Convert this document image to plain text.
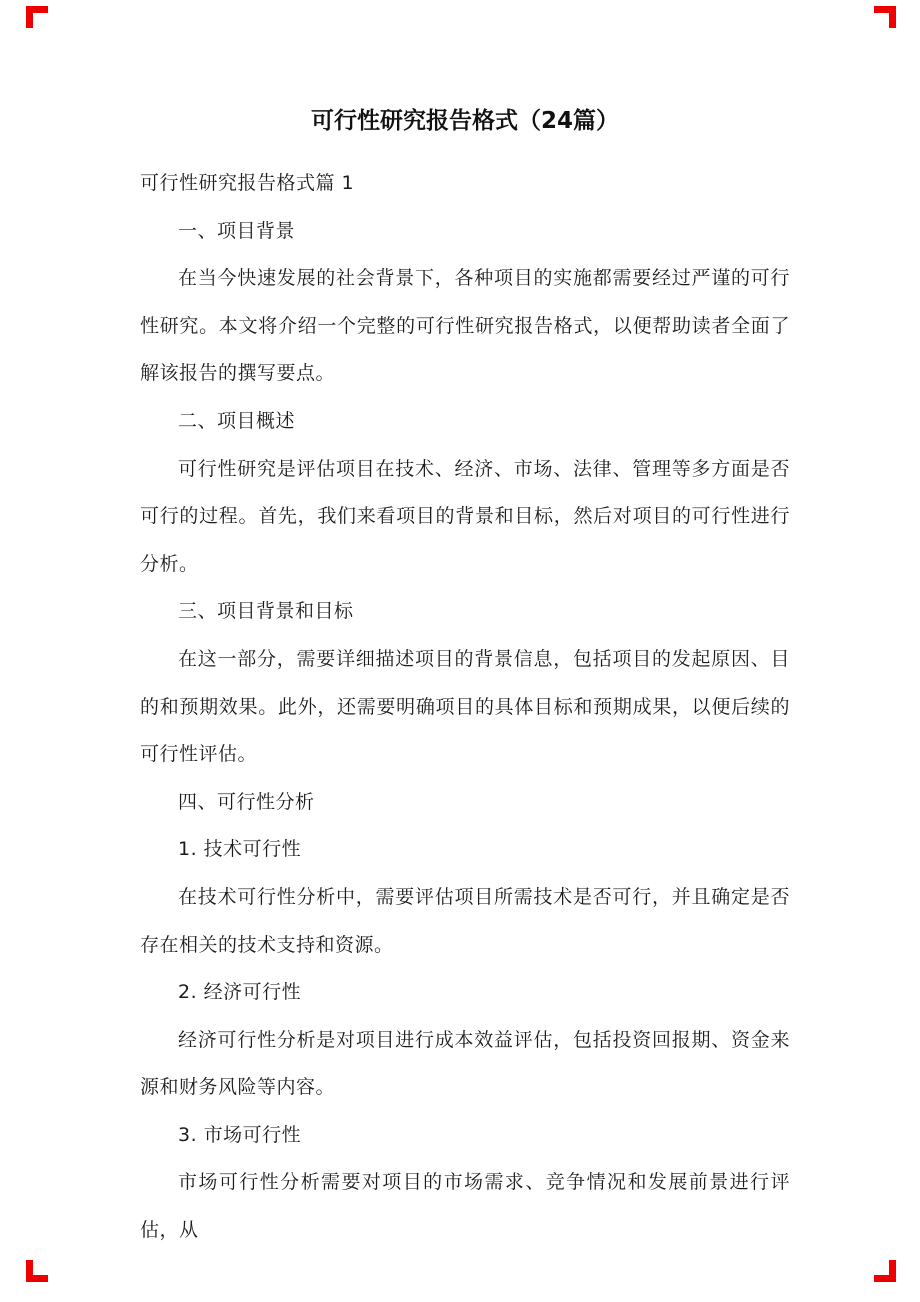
可行性研究报告格式（24篇）

可行性研究报告格式篇 1

一、项目背景

在当今快速发展的社会背景下，各种项目的实施都需要经过严谨的可行性研究。本文将介绍一个完整的可行性研究报告格式，以便帮助读者全面了解该报告的撰写要点。

二、项目概述

可行性研究是评估项目在技术、经济、市场、法律、管理等多方面是否可行的过程。首先，我们来看项目的背景和目标，然后对项目的可行性进行分析。

三、项目背景和目标

在这一部分，需要详细描述项目的背景信息，包括项目的发起原因、目的和预期效果。此外，还需要明确项目的具体目标和预期成果，以便后续的可行性评估。

四、可行性分析

1. 技术可行性

在技术可行性分析中，需要评估项目所需技术是否可行，并且确定是否存在相关的技术支持和资源。

2. 经济可行性

经济可行性分析是对项目进行成本效益评估，包括投资回报期、资金来源和财务风险等内容。

3. 市场可行性

市场可行性分析需要对项目的市场需求、竞争情况和发展前景进行评估，从
